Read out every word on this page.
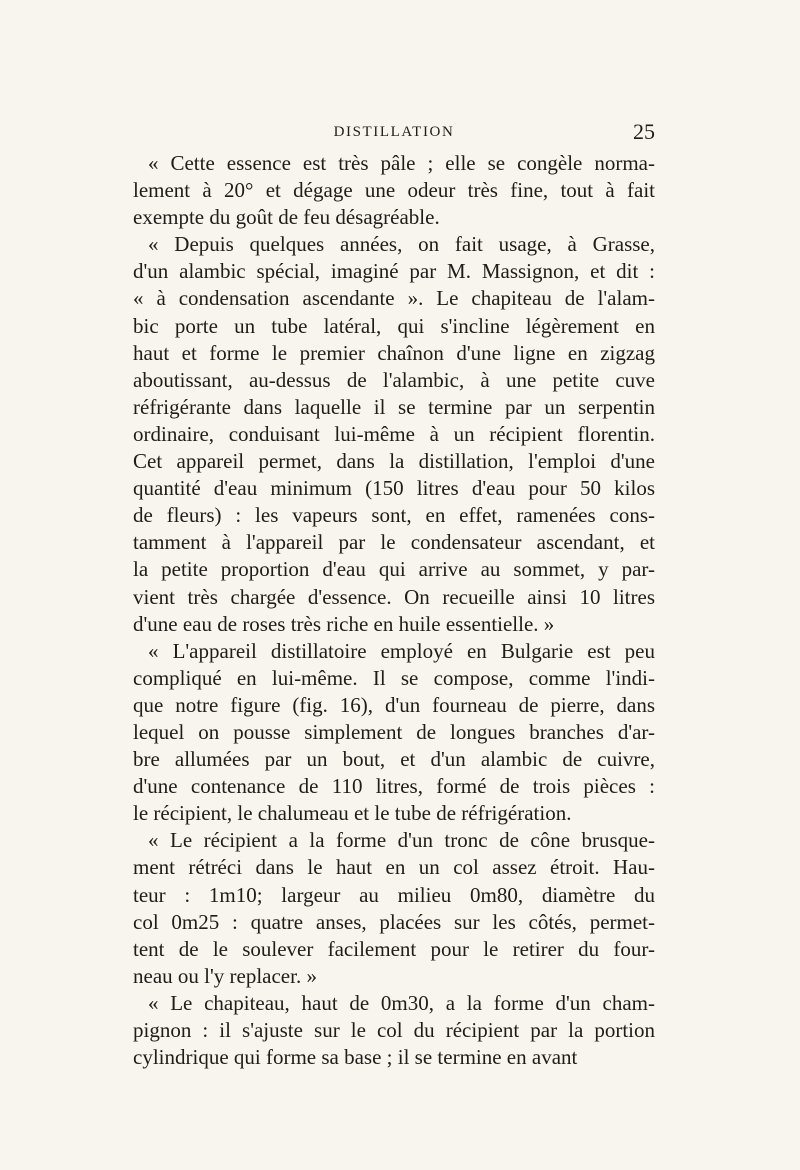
DISTILLATION	25
« Cette essence est très pâle ; elle se congèle norma-
lement à 20° et dégage une odeur très fine, tout à fait
exempte du goût de feu désagréable.
« Depuis quelques années, on fait usage, à Grasse,
d'un alambic spécial, imaginé par M. Massignon, et dit :
« à condensation ascendante ». Le chapiteau de l'alam-
bic porte un tube latéral, qui s'incline légèrement en
haut et forme le premier chaînon d'une ligne en zigzag
aboutissant, au-dessus de l'alambic, à une petite cuve
réfrigérante dans laquelle il se termine par un serpentin
ordinaire, conduisant lui-même à un récipient florentin.
Cet appareil permet, dans la distillation, l'emploi d'une
quantité d'eau minimum (150 litres d'eau pour 50 kilos
de fleurs) : les vapeurs sont, en effet, ramenées cons-
tamment à l'appareil par le condensateur ascendant, et
la petite proportion d'eau qui arrive au sommet, y par-
vient très chargée d'essence. On recueille ainsi 10 litres
d'une eau de roses très riche en huile essentielle. »
« L'appareil distillatoire employé en Bulgarie est peu
compliqué en lui-même. Il se compose, comme l'indi-
que notre figure (fig. 16), d'un fourneau de pierre, dans
lequel on pousse simplement de longues branches d'ar-
bre allumées par un bout, et d'un alambic de cuivre,
d'une contenance de 110 litres, formé de trois pièces :
le récipient, le chalumeau et le tube de réfrigération.
« Le récipient a la forme d'un tronc de cône brusque-
ment rétréci dans le haut en un col assez étroit. Hau-
teur : 1m10; largeur au milieu 0m80, diamètre du
col 0m25 : quatre anses, placées sur les côtés, permet-
tent de le soulever facilement pour le retirer du four-
neau ou l'y replacer. »
« Le chapiteau, haut de 0m30, a la forme d'un cham-
pignon : il s'ajuste sur le col du récipient par la portion
cylindrique qui forme sa base ; il se termine en avant
